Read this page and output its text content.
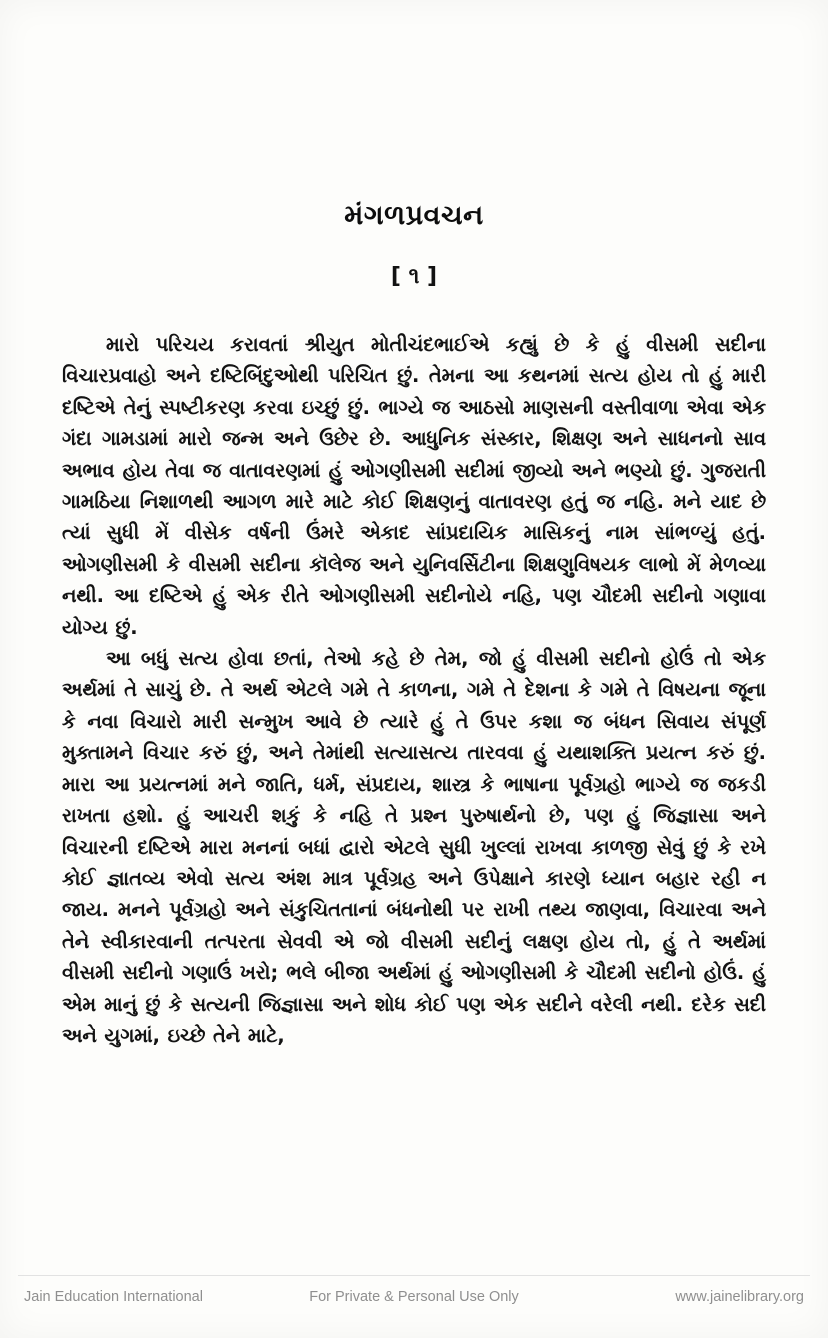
મંગળપ્રવચન
[ ૧ ]

મારો પરિચય કરાવતાં શ્રીયુત મોતીચંદભાઈએ કહ્યું છે કે હું વીસમી સદીના વિચારપ્રવાહો અને દષ્ટિબિંદુઓથી પરિચિત છું. તેમના આ કથનમાં સત્ય હોય તો હું મારી દષ્ટિએ તેનું સ્પષ્ટીકરણ કરવા ઇચ્છું છું. ભાગ્યે જ આઠસો માણસની વસ્તીવાળા એવા એક ગંદા ગામડામાં મારો જન્મ અને ઉછેર છે. આધુનિક સંસ્કાર, શિક્ષણ અને સાધનનો સાવ અભાવ હોય તેવા જ વાતાવરણમાં હું ઓગણીસમી સદીમાં જીવ્યો અને ભણ્યો છું. ગુજરાતી ગામઠિયા નિશાળથી આગળ મારે માટે કોઈ શિક્ષણનું વાતાવરણ હતું જ નહિ. મને યાદ છે ત્યાં સુધી મેં વીસેક વર્ષની ઉંમરે એકાદ સાંપ્રદાયિક માસિકનું નામ સાંભળ્યું હતું. ઓગણીસમી કે વીસમી સદીના કૉલેજ અને યુનિવર્સિટીના શિક્ષણુવિષયક લાભો મેં મેળવ્યા નથી. આ દષ્ટિએ હું એક રીતે ઓગણીસમી સદીનોયે નહિ, પણ ચૌદમી સદીનો ગણાવા યોગ્ય છું.

આ બધું સત્ય હોવા છતાં, તેઓ કહે છે તેમ, જો હું વીસમી સદીનો હોઉં તો એક અર્થમાં તે સાચું છે. તે અર્થ એટલે ગમે તે કાળના, ગમે તે દેશના કે ગમે તે વિષયના જૂના કે નવા વિચારો મારી સન્મુખ આવે છે ત્યારે હું તે ઉપર કશા જ બંધન સિવાય સંપૂર્ણ મુક્તામને વિચાર કરું છું, અને તેમાંથી સત્યાસત્ય તારવવા હું યથાશક્તિ પ્રયત્ન કરું છું. મારા આ પ્રયત્નમાં મને જાતિ, ધર્મ, સંપ્રદાય, શાસ્ત્ર કે ભાષાના પૂર્વગ્રહો ભાગ્યે જ જકડી રાખતા હશો. હું આચરી શકું કે નહિ તે પ્રશ્ન પુરુષાર્થનો છે, પણ હું જિજ્ઞાસા અને વિચારની દષ્ટિએ મારા મનનાં બધાં દ્વારો એટલે સુધી ખુલ્લાં રાખવા કાળજી સેવું છું કે રખે કોઈ જ્ઞાતવ્ય એવો સત્ય અંશ માત્ર પૂર્વગ્રહ અને ઉપેક્ષાને કારણે ધ્યાન બહાર રહી ન જાય. મનને પૂર્વગ્રહો અને સંકુચિતતાનાં બંધનોથી પર રાખી તથ્ય જાણવા, વિચારવા અને તેને સ્વીકારવાની તત્પરતા સેવવી એ જો વીસમી સદીનું લક્ષણ હોય તો, હું તે અર્થમાં વીસમી સદીનો ગણાઉં ખરો; ભલે બીજા અર્થમાં હું ઓગણીસમી કે ચૌદમી સદીનો હોઉં. હું એમ માનું છું કે સત્યની જિજ્ઞાસા અને શોધ કોઈ પણ એક સદીને વરેલી નથી. દરેક સદી અને યુગમાં, ઇચ્છે તેને માટે,

Jain Education International	For Private & Personal Use Only	www.jainelibrary.org
